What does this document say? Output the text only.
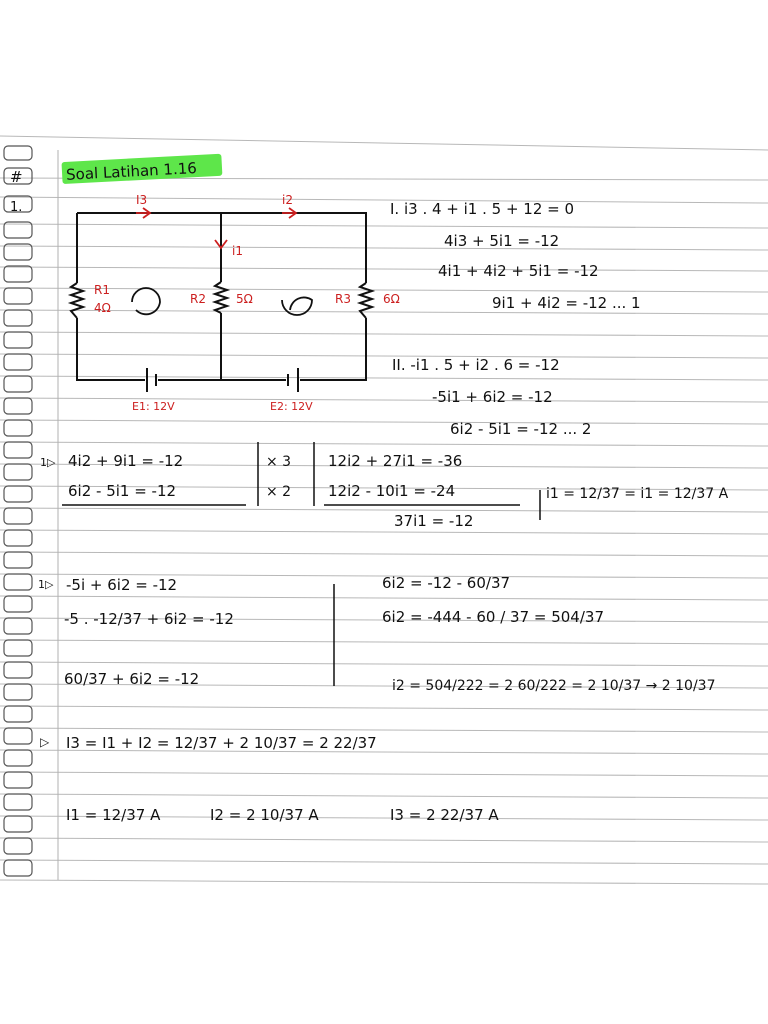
#	Soal Latihan 1.16
1.	I3	i2
i1
R1
4Ω
R2	5Ω	R3	6Ω
E1: 12V	E2: 12V
I. i3 . 4 + i1 . 5 + 12 = 0
4i3 + 5i1 = -12
4i1 + 4i2 + 5i1 = -12
9i1 + 4i2 = -12 ... 1
II. -i1 . 5 + i2 . 6 = -12
-5i1 + 6i2 = -12
6i2 - 5i1 = -12 ... 2
1▷ 4i2 + 9i1 = -12	× 3 12i2 + 27i1 = -36
6i2 - 5i1 = -12	× 2 12i2 - 10i1 = -24
37i1 = -12
i1 = 12/37 = i1 = 12/37 A
1▷ -5i + 6i2 = -12
-5 . -12/37 + 6i2 = -12
60/37 + 6i2 = -12
6i2 = -12 - 60/37
6i2 = -444 - 60 / 37 = 504/37
i2 = 504/222 = 2 60/222 = 2 10/37 → 2 10/37
▷ I3 = I1 + I2 = 12/37 + 2 10/37 = 2 22/37
I1 = 12/37 A	I2 = 2 10/37 A	I3 = 2 22/37 A
